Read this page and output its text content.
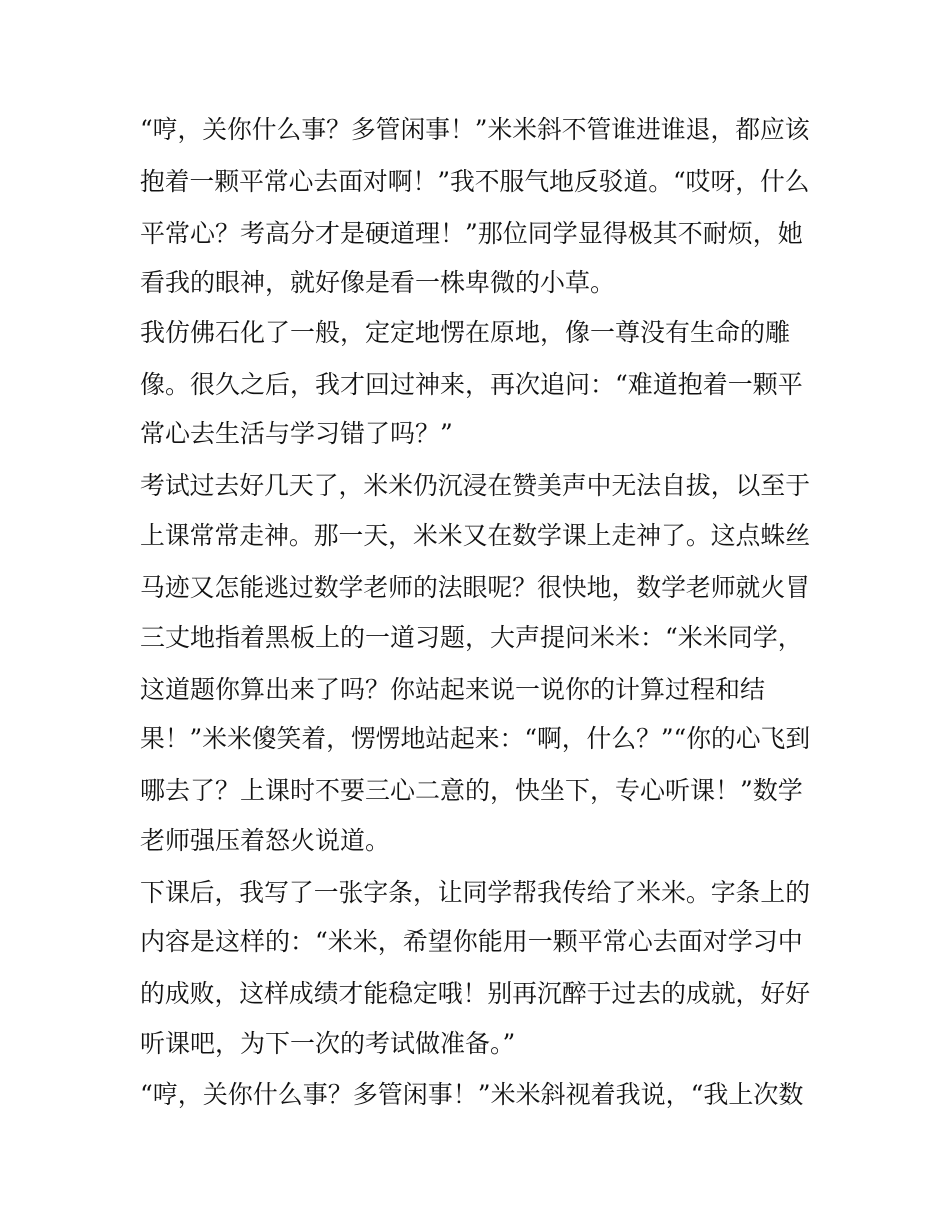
“哼，关你什么事？多管闲事！”米米斜不管谁进谁退，都应该

抱着一颗平常心去面对啊！”我不服气地反驳道。“哎呀，什么

平常心？考高分才是硬道理！”那位同学显得极其不耐烦，她

看我的眼神，就好像是看一株卑微的小草。

我仿佛石化了一般，定定地愣在原地，像一尊没有生命的雕

像。很久之后，我才回过神来，再次追问：“难道抱着一颗平

常心去生活与学习错了吗？”

考试过去好几天了，米米仍沉浸在赞美声中无法自拔，以至于

上课常常走神。那一天，米米又在数学课上走神了。这点蛛丝

马迹又怎能逃过数学老师的法眼呢？很快地，数学老师就火冒

三丈地指着黑板上的一道习题，大声提问米米：“米米同学，

这道题你算出来了吗？你站起来说一说你的计算过程和结

果！”米米傻笑着，愣愣地站起来：“啊，什么？”“你的心飞到

哪去了？上课时不要三心二意的，快坐下，专心听课！”数学

老师强压着怒火说道。

下课后，我写了一张字条，让同学帮我传给了米米。字条上的

内容是这样的：“米米，希望你能用一颗平常心去面对学习中

的成败，这样成绩才能稳定哦！别再沉醉于过去的成就，好好

听课吧，为下一次的考试做准备。”

“哼，关你什么事？多管闲事！”米米斜视着我说，“我上次数
